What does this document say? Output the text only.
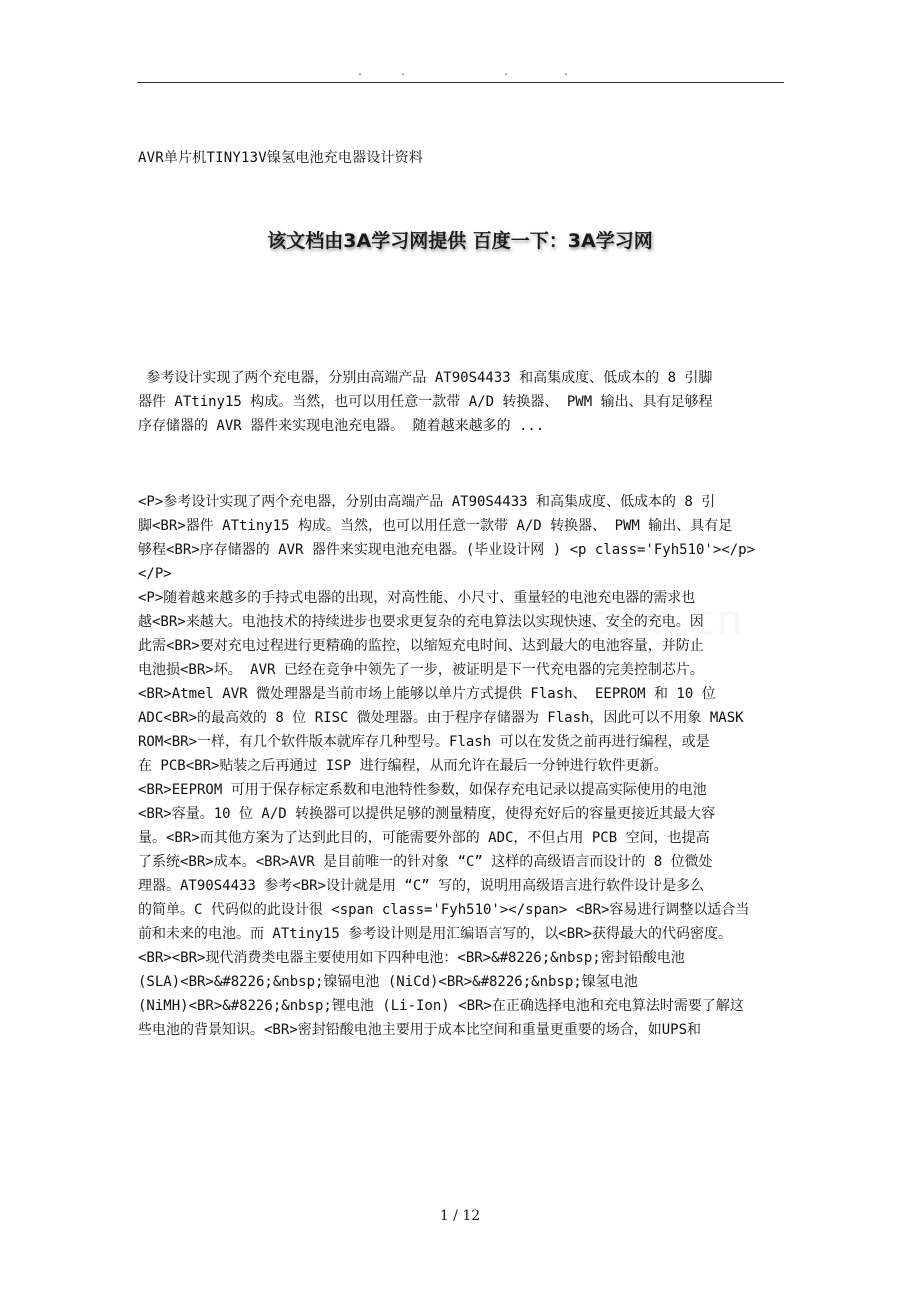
.	.	.	.
AVR单片机TINY13V镍氢电池充电器设计资料
该文档由3A学习网提供 百度一下：3A学习网
参考设计实现了两个充电器，分别由高端产品 AT90S4433 和高集成度、低成本的 8 引脚
器件 ATtiny15 构成。当然，也可以用任意一款带 A/D 转换器、 PWM 输出、具有足够程
序存储器的 AVR 器件来实现电池充电器。 随着越来越多的 ...
<P>参考设计实现了两个充电器，分别由高端产品 AT90S4433 和高集成度、低成本的 8 引
脚<BR>器件 ATtiny15 构成。当然，也可以用任意一款带 A/D 转换器、 PWM 输出、具有足
够程<BR>序存储器的 AVR 器件来实现电池充电器。(毕业设计网 ) <p class='Fyh510'></p>
</P>
<P>随着越来越多的手持式电器的出现，对高性能、小尺寸、重量轻的电池充电器的需求也
越<BR>来越大。电池技术的持续进步也要求更复杂的充电算法以实现快速、安全的充电。因
此需<BR>要对充电过程进行更精确的监控，以缩短充电时间、达到最大的电池容量，并防止
电池损<BR>坏。 AVR 已经在竞争中领先了一步，被证明是下一代充电器的完美控制芯片。
<BR>Atmel AVR 微处理器是当前市场上能够以单片方式提供 Flash、 EEPROM 和 10 位
ADC<BR>的最高效的 8 位 RISC 微处理器。由于程序存储器为 Flash，因此可以不用象 MASK
ROM<BR>一样，有几个软件版本就库存几种型号。Flash 可以在发货之前再进行编程，或是
在 PCB<BR>贴装之后再通过 ISP 进行编程，从而允许在最后一分钟进行软件更新。
<BR>EEPROM 可用于保存标定系数和电池特性参数，如保存充电记录以提高实际使用的电池
<BR>容量。10 位 A/D 转换器可以提供足够的测量精度，使得充好后的容量更接近其最大容
量。<BR>而其他方案为了达到此目的，可能需要外部的 ADC，不但占用 PCB 空间，也提高
了系统<BR>成本。<BR>AVR 是目前唯一的针对象 “C” 这样的高级语言而设计的 8 位微处
理器。AT90S4433 参考<BR>设计就是用 “C” 写的，说明用高级语言进行软件设计是多么
的简单。C 代码似的此设计很 <span class='Fyh510'></span> <BR>容易进行调整以适合当
前和未来的电池。而 ATtiny15 参考设计则是用汇编语言写的，以<BR>获得最大的代码密度。
<BR><BR>现代消费类电器主要使用如下四种电池：<BR>&#8226;&nbsp;密封铅酸电池
(SLA)<BR>&#8226;&nbsp;镍镉电池 (NiCd)<BR>&#8226;&nbsp;镍氢电池
(NiMH)<BR>&#8226;&nbsp;锂电池 (Li-Ion) <BR>在正确选择电池和充电算法时需要了解这
些电池的背景知识。<BR>密封铅酸电池主要用于成本比空间和重量更重要的场合，如UPS和
1 / 12
